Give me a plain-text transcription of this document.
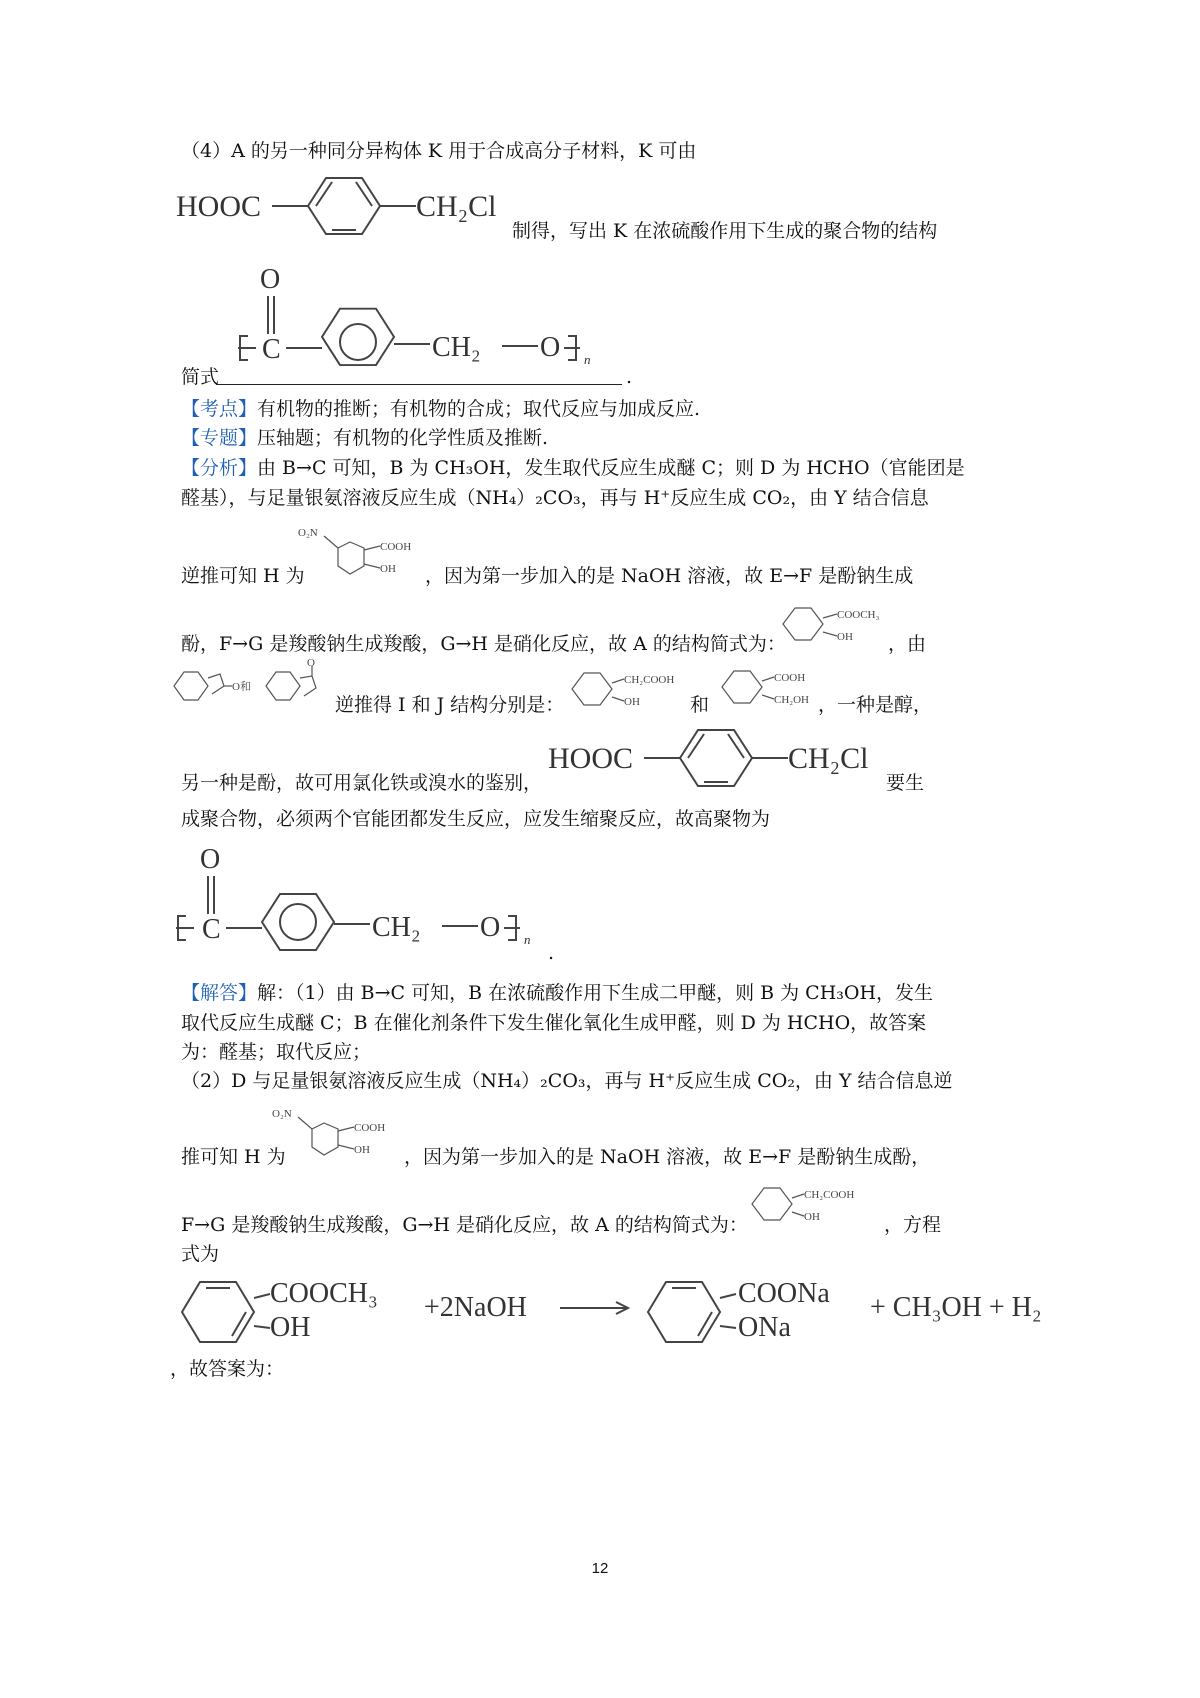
（4）A 的另一种同分异构体 K 用于合成高分子材料，K 可由
HOOC	CH₂Cl
制得，写出 K 在浓硫酸作用下生成的聚合物的结构
O
C	CH₂ O n
简式	.
【考点】有机物的推断；有机物的合成；取代反应与加成反应.
【专题】压轴题；有机物的化学性质及推断.
【分析】由 B→C 可知，B 为 CH₃OH，发生取代反应生成醚 C；则 D 为 HCHO（官能团是
醛基），与足量银氨溶液反应生成（NH₄）₂CO₃，再与 H⁺反应生成 CO₂，由 Y 结合信息
O₂N
COOH
OH
逆推可知 H 为	，因为第一步加入的是 NaOH 溶液，故 E→F 是酚钠生成
COOCH₃
OH
酚，F→G 是羧酸钠生成羧酸，G→H 是硝化反应，故 A 的结构简式为：	，由
O和
O
CH₂COOH
OH
COOH
CH₂OH
逆推得 I 和 J 结构分别是：	和	，一种是醇，
HOOC	CH₂Cl
另一种是酚，故可用氯化铁或溴水的鉴别，	要生
成聚合物，必须两个官能团都发生反应，应发生缩聚反应，故高聚物为
O
C	CH₂ O n
.
【解答】解：（1）由 B→C 可知，B 在浓硫酸作用下生成二甲醚，则 B 为 CH₃OH，发生
取代反应生成醚 C；B 在催化剂条件下发生催化氧化生成甲醛，则 D 为 HCHO，故答案
为：醛基；取代反应；
（2）D 与足量银氨溶液反应生成（NH₄）₂CO₃，再与 H⁺反应生成 CO₂，由 Y 结合信息逆
O₂N
COOH
OH
推可知 H 为	，因为第一步加入的是 NaOH 溶液，故 E→F 是酚钠生成酚，
CH₂COOH
OH
F→G 是羧酸钠生成羧酸，G→H 是硝化反应，故 A 的结构简式为：	，方程
式为
COOCH₃
OH
+2NaOH	COONa
ONa
+ CH₃OH + H₂
，故答案为：
12
